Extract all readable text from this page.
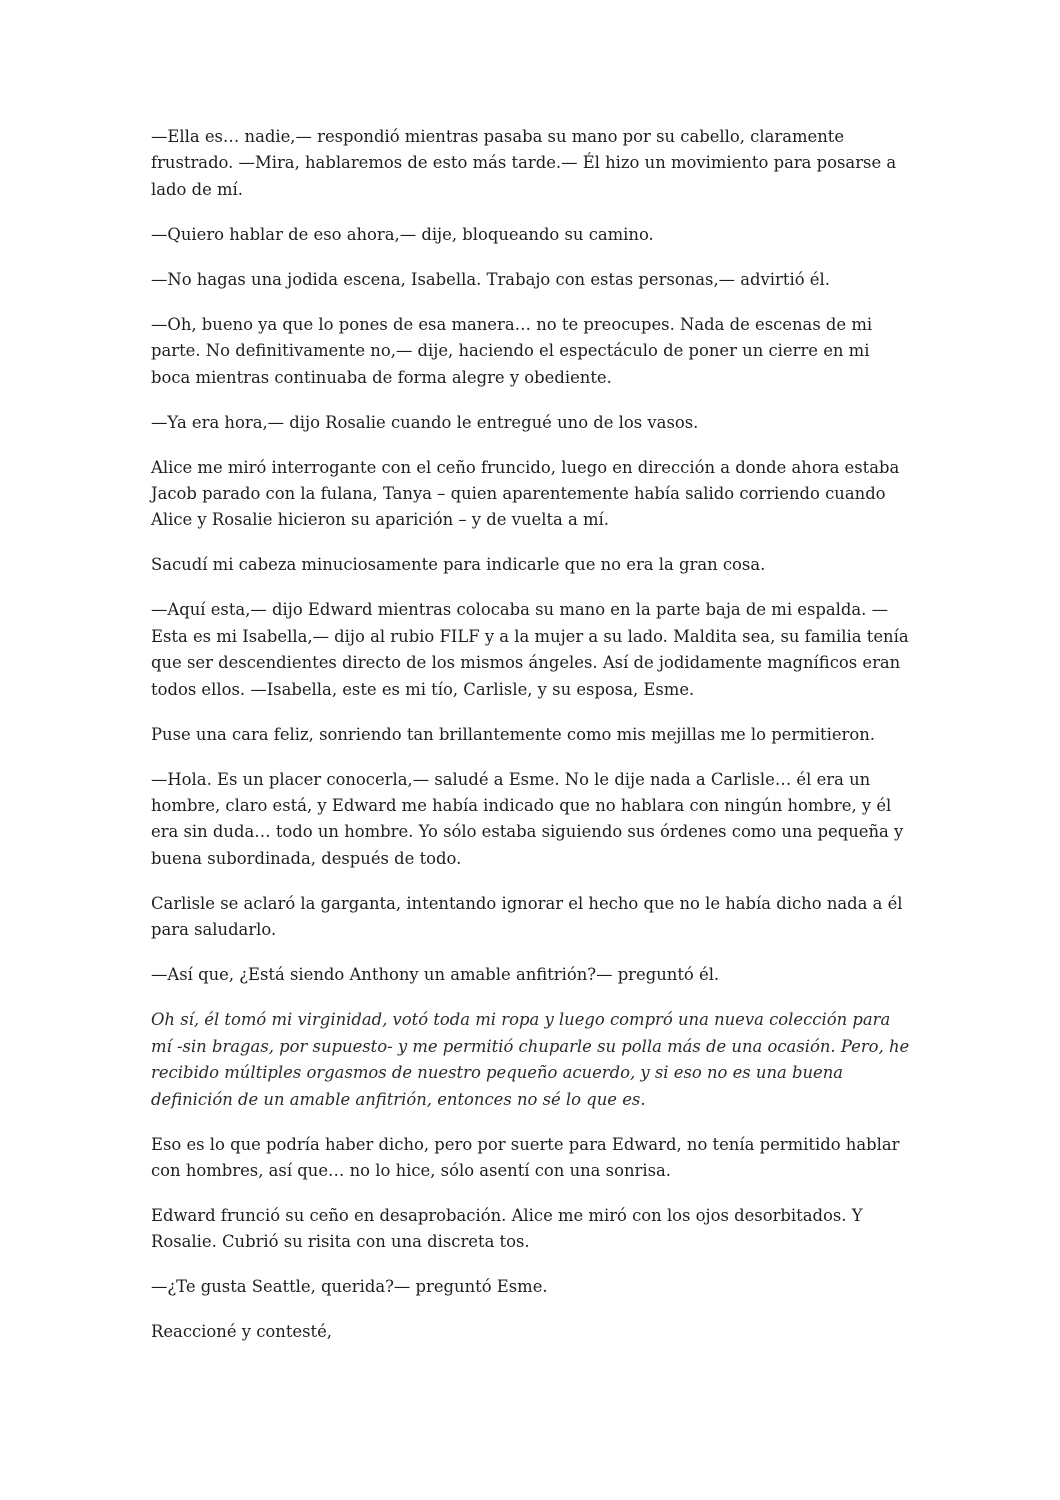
—Ella es… nadie,— respondió mientras pasaba su mano por su cabello, claramente frustrado. —Mira, hablaremos de esto más tarde.— Él hizo un movimiento para posarse a lado de mí.

—Quiero hablar de eso ahora,— dije, bloqueando su camino.

—No hagas una jodida escena, Isabella. Trabajo con estas personas,— advirtió él.

—Oh, bueno ya que lo pones de esa manera… no te preocupes. Nada de escenas de mi parte. No definitivamente no,— dije, haciendo el espectáculo de poner un cierre en mi boca mientras continuaba de forma alegre y obediente.

—Ya era hora,— dijo Rosalie cuando le entregué uno de los vasos.

Alice me miró interrogante con el ceño fruncido, luego en dirección a donde ahora estaba Jacob parado con la fulana, Tanya – quien aparentemente había salido corriendo cuando Alice y Rosalie hicieron su aparición – y de vuelta a mí.

Sacudí mi cabeza minuciosamente para indicarle que no era la gran cosa.

—Aquí esta,— dijo Edward mientras colocaba su mano en la parte baja de mi espalda. —Esta es mi Isabella,— dijo al rubio FILF y a la mujer a su lado. Maldita sea, su familia tenía que ser descendientes directo de los mismos ángeles. Así de jodidamente magníficos eran todos ellos. —Isabella, este es mi tío, Carlisle, y su esposa, Esme.

Puse una cara feliz, sonriendo tan brillantemente como mis mejillas me lo permitieron.

—Hola. Es un placer conocerla,— saludé a Esme. No le dije nada a Carlisle… él era un hombre, claro está, y Edward me había indicado que no hablara con ningún hombre, y él era sin duda… todo un hombre. Yo sólo estaba siguiendo sus órdenes como una pequeña y buena subordinada, después de todo.

Carlisle se aclaró la garganta, intentando ignorar el hecho que no le había dicho nada a él para saludarlo.

—Así que, ¿Está siendo Anthony un amable anfitrión?— preguntó él.

Oh sí, él tomó mi virginidad, votó toda mi ropa y luego compró una nueva colección para mí -sin bragas, por supuesto- y me permitió chuparle su polla más de una ocasión. Pero, he recibido múltiples orgasmos de nuestro pequeño acuerdo, y si eso no es una buena definición de un amable anfitrión, entonces no sé lo que es.

Eso es lo que podría haber dicho, pero por suerte para Edward, no tenía permitido hablar con hombres, así que… no lo hice, sólo asentí con una sonrisa.

Edward frunció su ceño en desaprobación. Alice me miró con los ojos desorbitados. Y Rosalie. Cubrió su risita con una discreta tos.

—¿Te gusta Seattle, querida?— preguntó Esme.

Reaccioné y contesté,
